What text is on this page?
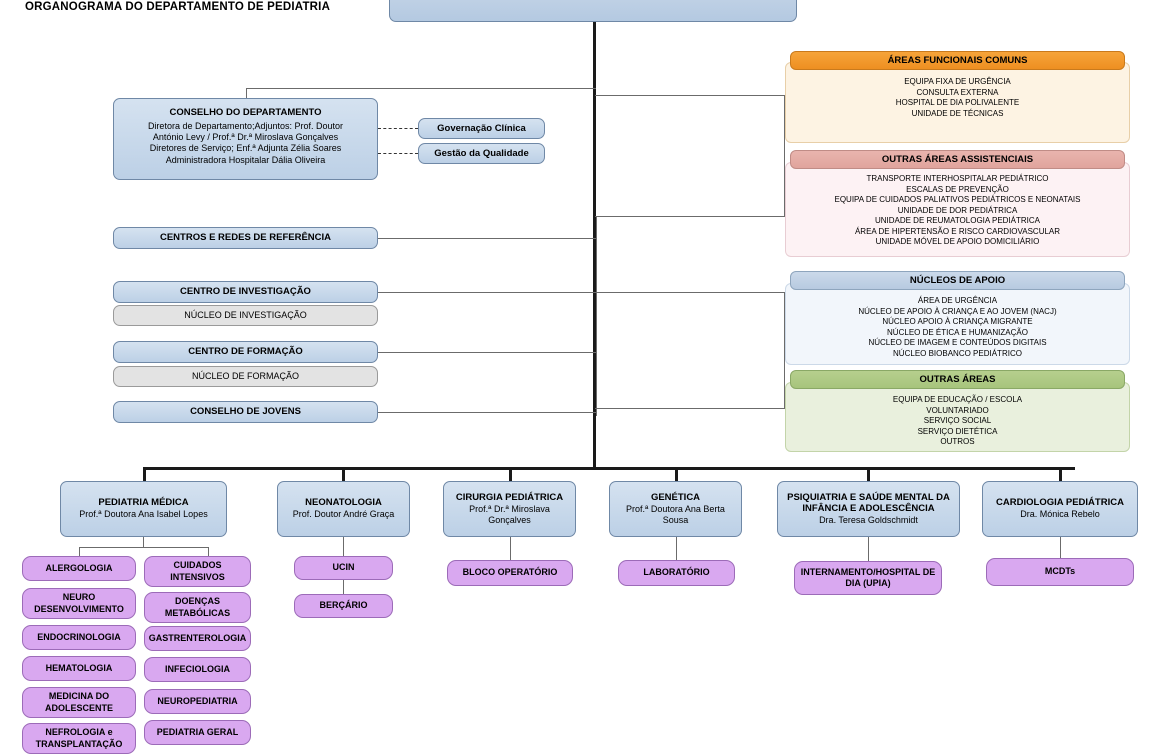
ORGANOGRAMA DO DEPARTAMENTO DE PEDIATRIA
CONSELHO DO DEPARTAMENTO
Diretora de Departamento;Adjuntos: Prof. Doutor
António Levy / Prof.ª Dr.ª Miroslava Gonçalves
Diretores de Serviço; Enf.ª Adjunta Zélia Soares
Administradora Hospitalar Dália Oliveira
Governação Clínica
Gestão da Qualidade
CENTROS E REDES DE REFERÊNCIA
CENTRO DE INVESTIGAÇÃO
NÚCLEO DE INVESTIGAÇÃO
CENTRO DE FORMAÇÃO
NÚCLEO DE FORMAÇÃO
CONSELHO DE JOVENS
EQUIPA FIXA DE URGÊNCIA
CONSULTA EXTERNA
HOSPITAL DE DIA POLIVALENTE
UNIDADE DE TÉCNICAS
ÁREAS FUNCIONAIS COMUNS
TRANSPORTE INTERHOSPITALAR PEDIÁTRICO
ESCALAS DE PREVENÇÃO
EQUIPA DE CUIDADOS PALIATIVOS PEDIÁTRICOS E NEONATAIS
UNIDADE DE DOR PEDIÁTRICA
UNIDADE DE REUMATOLOGIA PEDIÁTRICA
ÁREA DE HIPERTENSÃO E RISCO CARDIOVASCULAR
UNIDADE MÓVEL DE APOIO DOMICILIÁRIO
OUTRAS ÁREAS ASSISTENCIAIS
ÁREA DE URGÊNCIA
NÚCLEO DE APOIO À CRIANÇA E AO JOVEM (NACJ)
NÚCLEO APOIO À CRIANÇA MIGRANTE
NÚCLEO DE ÉTICA E HUMANIZAÇÃO
NÚCLEO DE IMAGEM E CONTEÚDOS DIGITAIS
NÚCLEO BIOBANCO PEDIÁTRICO
NÚCLEOS DE APOIO
EQUIPA DE EDUCAÇÃO / ESCOLA
VOLUNTARIADO
SERVIÇO SOCIAL
SERVIÇO DIETÉTICA
OUTROS
OUTRAS ÁREAS
PEDIATRIA MÉDICA
Prof.ª Doutora Ana Isabel Lopes
NEONATOLOGIA
Prof. Doutor André Graça
CIRURGIA PEDIÁTRICA
Prof.ª Dr.ª Miroslava Gonçalves
GENÉTICA
Prof.ª Doutora Ana Berta Sousa
PSIQUIATRIA E SAÚDE MENTAL DA INFÂNCIA E ADOLESCÊNCIA
Dra. Teresa Goldschmidt
CARDIOLOGIA PEDIÁTRICA
Dra. Mónica Rebelo
UCIN
BERÇÁRIO
BLOCO OPERATÓRIO	LABORATÓRIO	INTERNAMENTO/HOSPITAL DE DIA (UPIA)
MCDTs
ALERGOLOGIA
NEURO DESENVOLVIMENTO
ENDOCRINOLOGIA
HEMATOLOGIA
MEDICINA DO ADOLESCENTE
NEFROLOGIA e TRANSPLANTAÇÃO
CUIDADOS INTENSIVOS
DOENÇAS METABÓLICAS
GASTRENTEROLOGIA
INFECIOLOGIA
NEUROPEDIATRIA
PEDIATRIA GERAL
